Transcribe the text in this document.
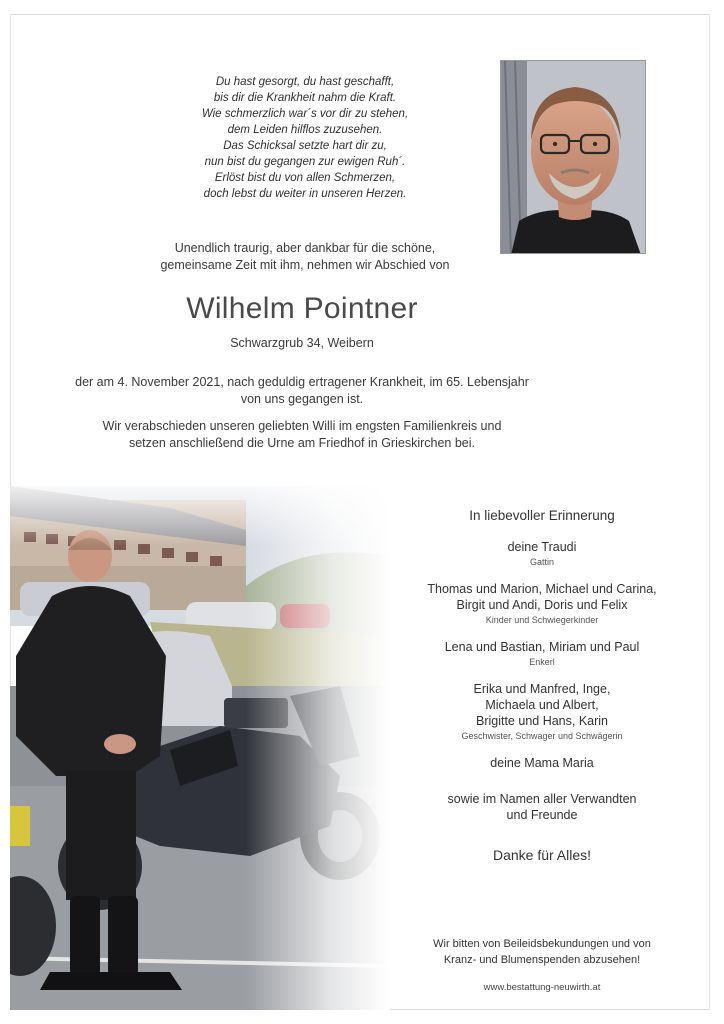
Du hast gesorgt, du hast geschafft,
bis dir die Krankheit nahm die Kraft.
Wie schmerzlich war´s vor dir zu stehen,
dem Leiden hilflos zuzusehen.
Das Schicksal setzte hart dir zu,
nun bist du gegangen zur ewigen Ruh´.
Erlöst bist du von allen Schmerzen,
doch lebst du weiter in unseren Herzen.
Unendlich traurig, aber dankbar für die schöne,
gemeinsame Zeit mit ihm, nehmen wir Abschied von
Wilhelm Pointner
Schwarzgrub 34, Weibern
der am 4. November 2021, nach geduldig ertragener Krankheit, im 65. Lebensjahr
von uns gegangen ist.
Wir verabschieden unseren geliebten Willi im engsten Familienkreis und
setzen anschließend die Urne am Friedhof in Grieskirchen bei.
In liebevoller Erinnerung
deine Traudi
Gattin
Thomas und Marion, Michael und Carina,
Birgit und Andi, Doris und Felix
Kinder und Schwiegerkinder
Lena und Bastian, Miriam und Paul
Enkerl
Erika und Manfred, Inge,
Michaela und Albert,
Brigitte und Hans, Karin
Geschwister, Schwager und Schwägerin
deine Mama Maria
sowie im Namen aller Verwandten
und Freunde
Danke für Alles!
Wir bitten von Beileidsbekundungen und von
Kranz- und Blumenspenden abzusehen!
www.bestattung-neuwirth.at
